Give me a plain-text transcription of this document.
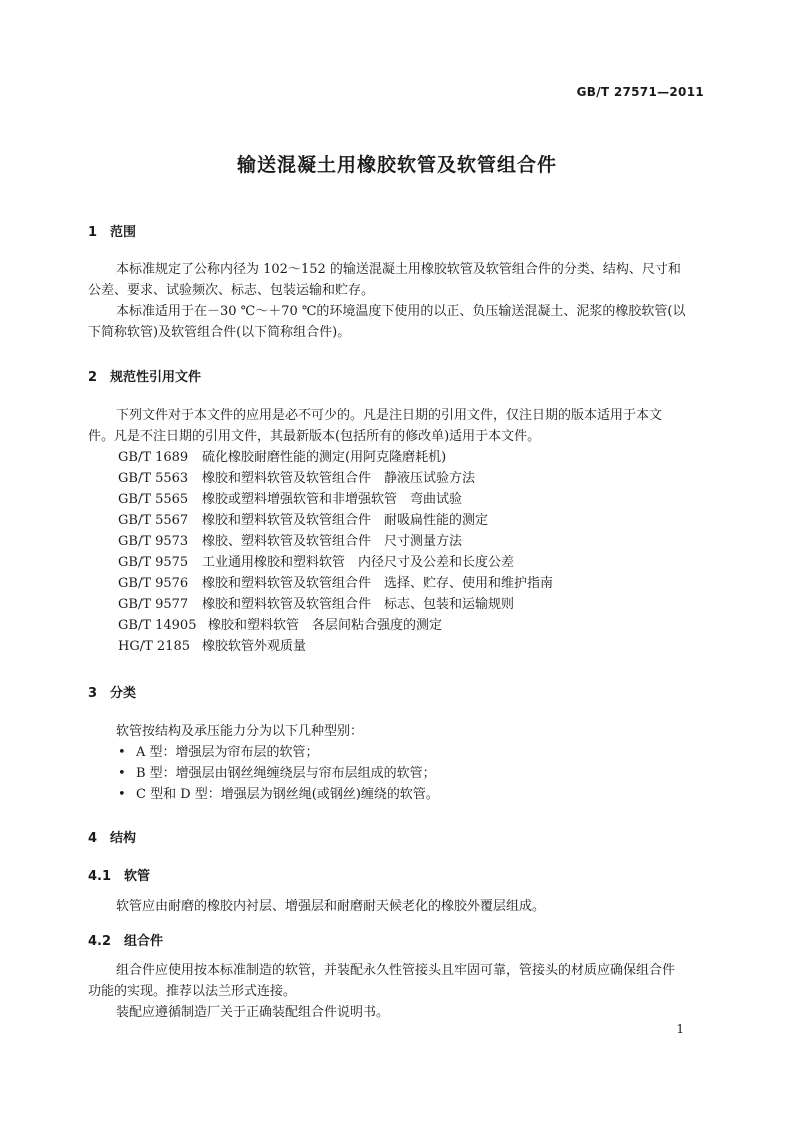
GB/T 27571—2011
输送混凝土用橡胶软管及软管组合件
1 范围
本标准规定了公称内径为 102～152 的输送混凝土用橡胶软管及软管组合件的分类、结构、尺寸和
公差、要求、试验频次、标志、包装运输和贮存。
本标准适用于在－30 ℃～＋70 ℃的环境温度下使用的以正、负压输送混凝土、泥浆的橡胶软管(以
下简称软管)及软管组合件(以下简称组合件)。
2 规范性引用文件
下列文件对于本文件的应用是必不可少的。凡是注日期的引用文件，仅注日期的版本适用于本文
件。凡是不注日期的引用文件，其最新版本(包括所有的修改单)适用于本文件。
GB/T 1689 硫化橡胶耐磨性能的测定(用阿克隆磨耗机)
GB/T 5563 橡胶和塑料软管及软管组合件　静液压试验方法
GB/T 5565 橡胶或塑料增强软管和非增强软管　弯曲试验
GB/T 5567 橡胶和塑料软管及软管组合件　耐吸扁性能的测定
GB/T 9573 橡胶、塑料软管及软管组合件　尺寸测量方法
GB/T 9575 工业通用橡胶和塑料软管　内径尺寸及公差和长度公差
GB/T 9576 橡胶和塑料软管及软管组合件　选择、贮存、使用和维护指南
GB/T 9577 橡胶和塑料软管及软管组合件　标志、包装和运输规则
GB/T 14905 橡胶和塑料软管　各层间粘合强度的测定
HG/T 2185 橡胶软管外观质量
3 分类
软管按结构及承压能力分为以下几种型别：
• A 型：增强层为帘布层的软管；
• B 型：增强层由钢丝绳缠绕层与帘布层组成的软管；
• C 型和 D 型：增强层为钢丝绳(或钢丝)缠绕的软管。
4 结构
4.1 软管
软管应由耐磨的橡胶内衬层、增强层和耐磨耐天候老化的橡胶外覆层组成。
4.2 组合件
组合件应使用按本标准制造的软管，并装配永久性管接头且牢固可靠，管接头的材质应确保组合件
功能的实现。推荐以法兰形式连接。
装配应遵循制造厂关于正确装配组合件说明书。
1
